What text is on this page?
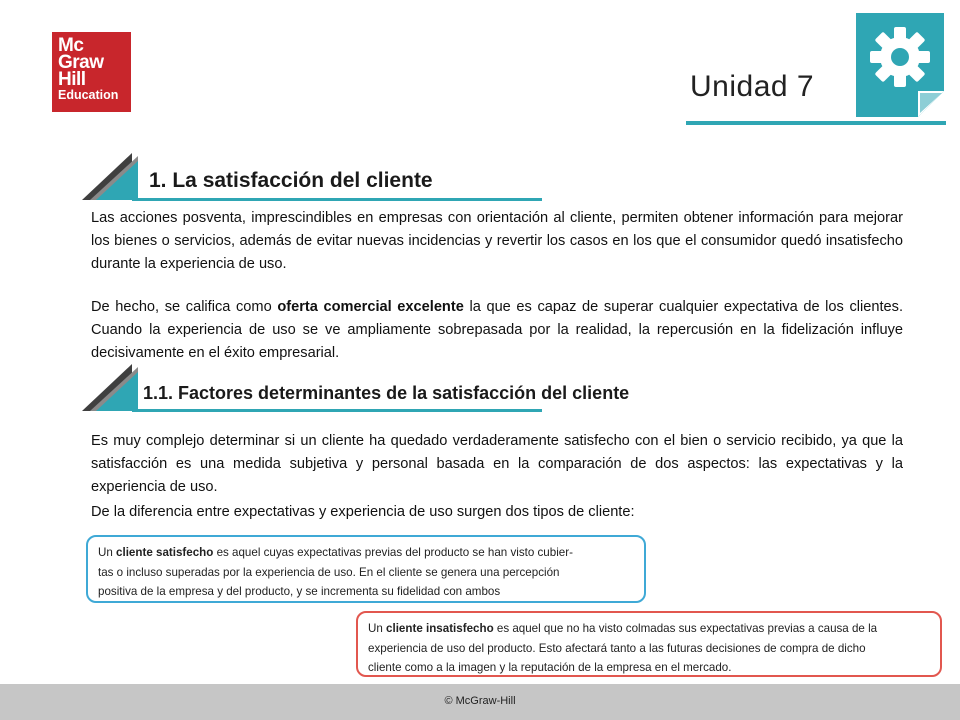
Mc
Graw
Hill
Education	Unidad 7
1. La satisfacción del cliente
Las acciones posventa, imprescindibles en empresas con orientación al cliente, permiten obtener información para mejorar los bienes o servicios, además de evitar nuevas incidencias y revertir los casos en los que el consumidor quedó insatisfecho durante la experiencia de uso.
De hecho, se califica como oferta comercial excelente la que es capaz de superar cualquier expectativa de los clientes. Cuando la experiencia de uso se ve ampliamente sobrepasada por la realidad, la repercusión en la fidelización influye decisivamente en el éxito empresarial.
1.1. Factores determinantes de la satisfacción del cliente
Es muy complejo determinar si un cliente ha quedado verdaderamente satisfecho con el bien o servicio recibido, ya que la satisfacción es una medida subjetiva y personal basada en la comparación de dos aspectos: las expectativas y la experiencia de uso.
De la diferencia entre expectativas y experiencia de uso surgen dos tipos de cliente:
Un cliente satisfecho es aquel cuyas expectativas previas del producto se han visto cubier-
tas o incluso superadas por la experiencia de uso. En el cliente se genera una percepción
positiva de la empresa y del producto, y se incrementa su fidelidad con ambos
Un cliente insatisfecho es aquel que no ha visto colmadas sus expectativas previas a causa de la
experiencia de uso del producto. Esto afectará tanto a las futuras decisiones de compra de dicho
cliente como a la imagen y la reputación de la empresa en el mercado.
© McGraw-Hill
